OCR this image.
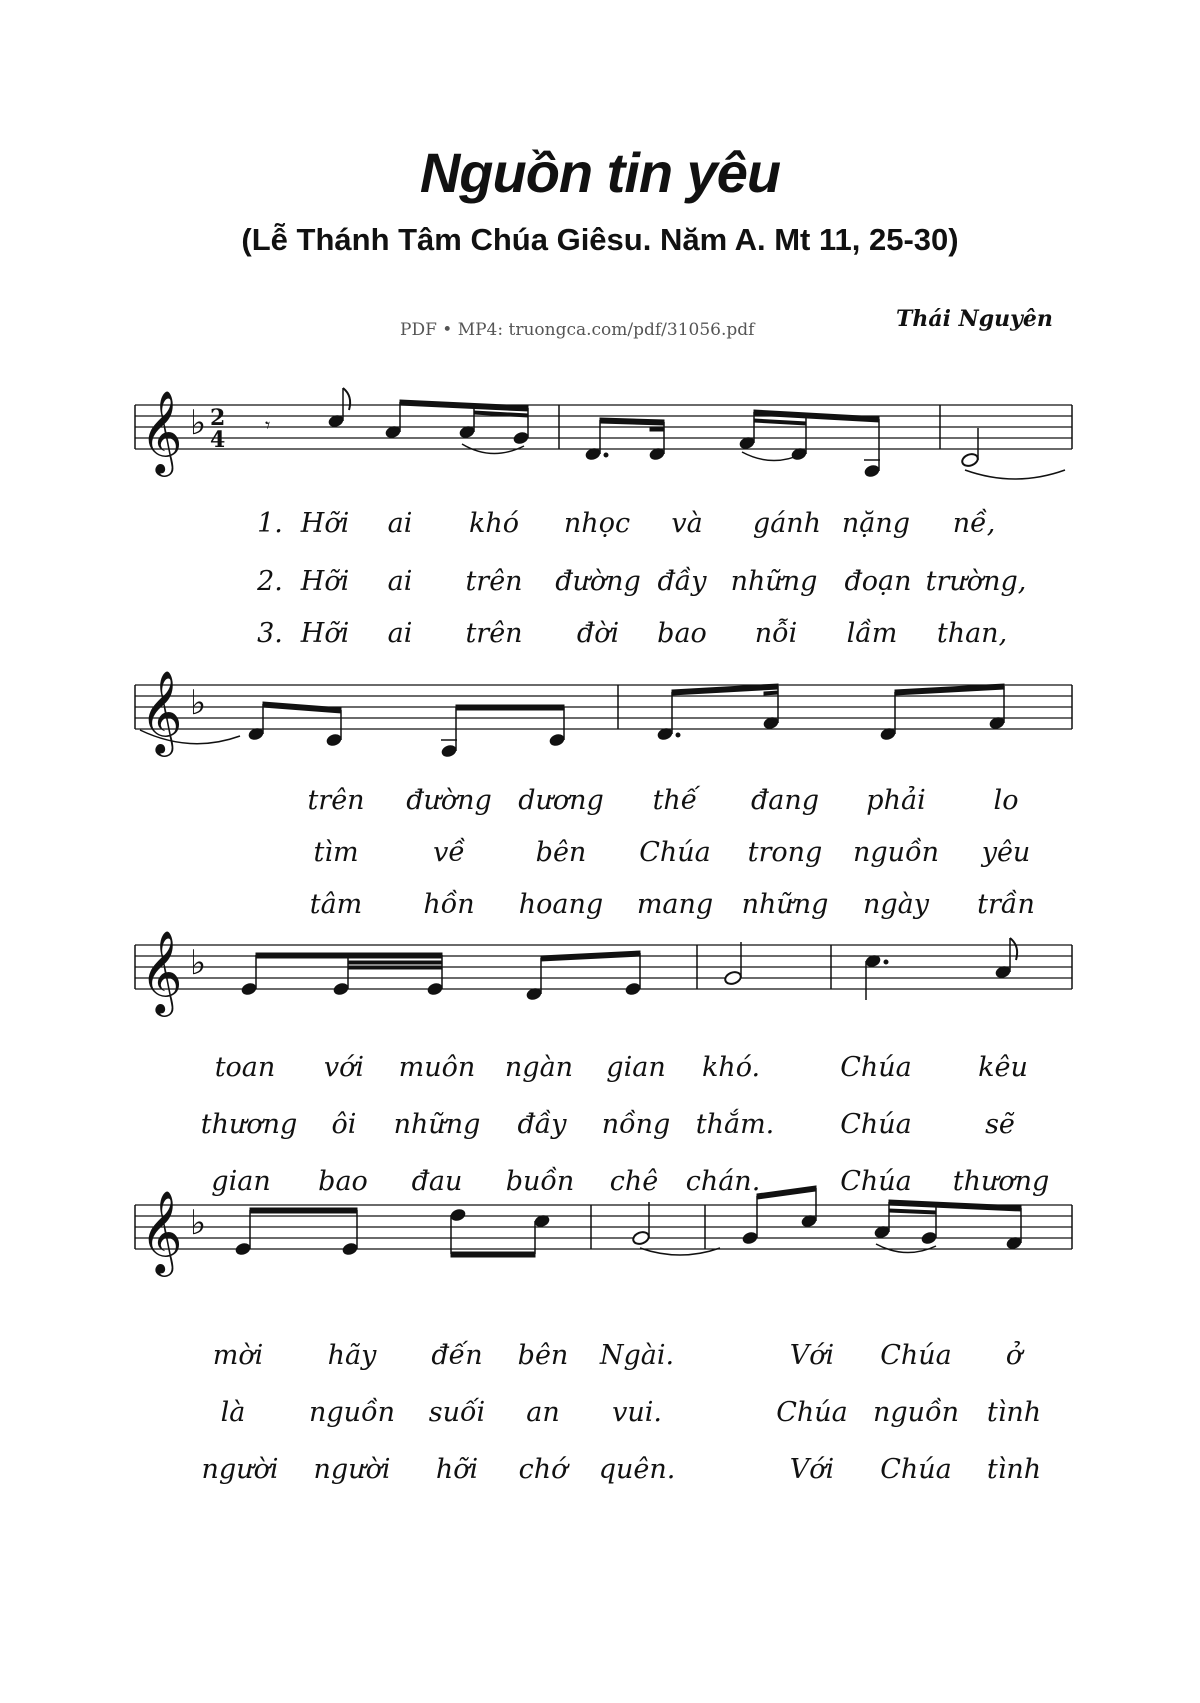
Nguồn tin yêu
(Lễ Thánh Tâm Chúa Giêsu. Năm A. Mt 11, 25-30)
PDF • MP4: truongca.com/pdf/31056.pdf	Thái Nguyên
𝄞 ♭ 2
4
𝄾
𝄞 ♭
𝄞 ♭
𝄞 ♭
1. Hỡi ai khó nhọc và gánh nặng nề,
2. Hỡi ai trên đường đầy những đoạn trường,
3. Hỡi ai trên đời bao nỗi lầm than,
trên đường dương thế đang phải	lo
tìm	về	bên Chúa trong nguồn yêu
tâm hồn hoang mang những ngày trần
toan với muôn ngàn gian khó.	Chúa kêu
thương ôi những đầy nồng thắm. Chúa	sẽ
gian bao đau buồn chê chán.	Chúa thương
mời hãy đến bên Ngài.	Với Chúa ở
là nguồn suối an vui.	Chúa nguồn tình
người người hỡi chớ quên.	Với Chúa tình
